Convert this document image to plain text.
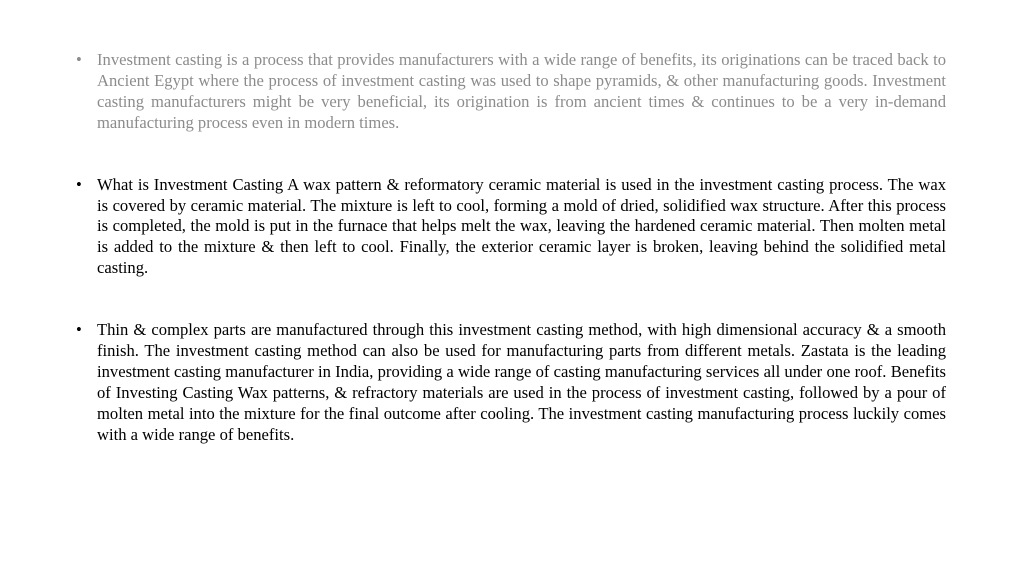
• Investment casting is a process that provides manufacturers with a wide range of benefits, its originations can be traced back to Ancient Egypt where the process of investment casting was used to shape pyramids, & other manufacturing goods. Investment casting manufacturers might be very beneficial, its origination is from ancient times & continues to be a very in-demand manufacturing process even in modern times.
• What is Investment Casting A wax pattern & reformatory ceramic material is used in the investment casting process. The wax is covered by ceramic material. The mixture is left to cool, forming a mold of dried, solidified wax structure. After this process is completed, the mold is put in the furnace that helps melt the wax, leaving the hardened ceramic material. Then molten metal is added to the mixture & then left to cool. Finally, the exterior ceramic layer is broken, leaving behind the solidified metal casting.
• Thin & complex parts are manufactured through this investment casting method, with high dimensional accuracy & a smooth finish. The investment casting method can also be used for manufacturing parts from different metals. Zastata is the leading investment casting manufacturer in India, providing a wide range of casting manufacturing services all under one roof. Benefits of Investing Casting Wax patterns, & refractory materials are used in the process of investment casting, followed by a pour of molten metal into the mixture for the final outcome after cooling. The investment casting manufacturing process luckily comes with a wide range of benefits.
